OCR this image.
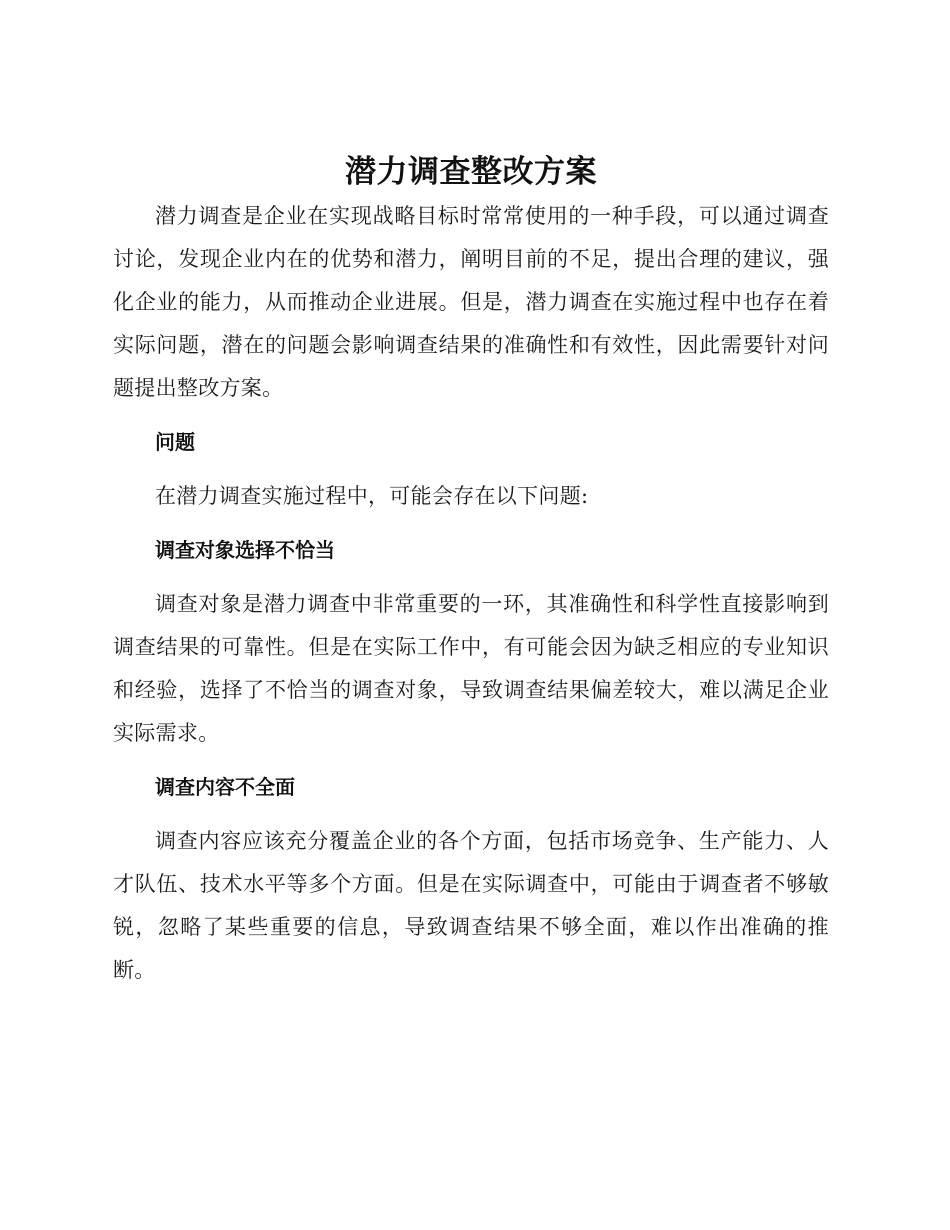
潜力调查整改方案

潜力调查是企业在实现战略目标时常常使用的一种手段，可以通过调查讨论，发现企业内在的优势和潜力，阐明目前的不足，提出合理的建议，强化企业的能力，从而推动企业进展。但是，潜力调查在实施过程中也存在着实际问题，潜在的问题会影响调查结果的准确性和有效性，因此需要针对问题提出整改方案。

问题

在潜力调查实施过程中，可能会存在以下问题:

调查对象选择不恰当

调查对象是潜力调查中非常重要的一环，其准确性和科学性直接影响到调查结果的可靠性。但是在实际工作中，有可能会因为缺乏相应的专业知识和经验，选择了不恰当的调查对象，导致调查结果偏差较大，难以满足企业实际需求。

调查内容不全面

调查内容应该充分覆盖企业的各个方面，包括市场竞争、生产能力、人才队伍、技术水平等多个方面。但是在实际调查中，可能由于调查者不够敏锐，忽略了某些重要的信息，导致调查结果不够全面，难以作出准确的推断。
